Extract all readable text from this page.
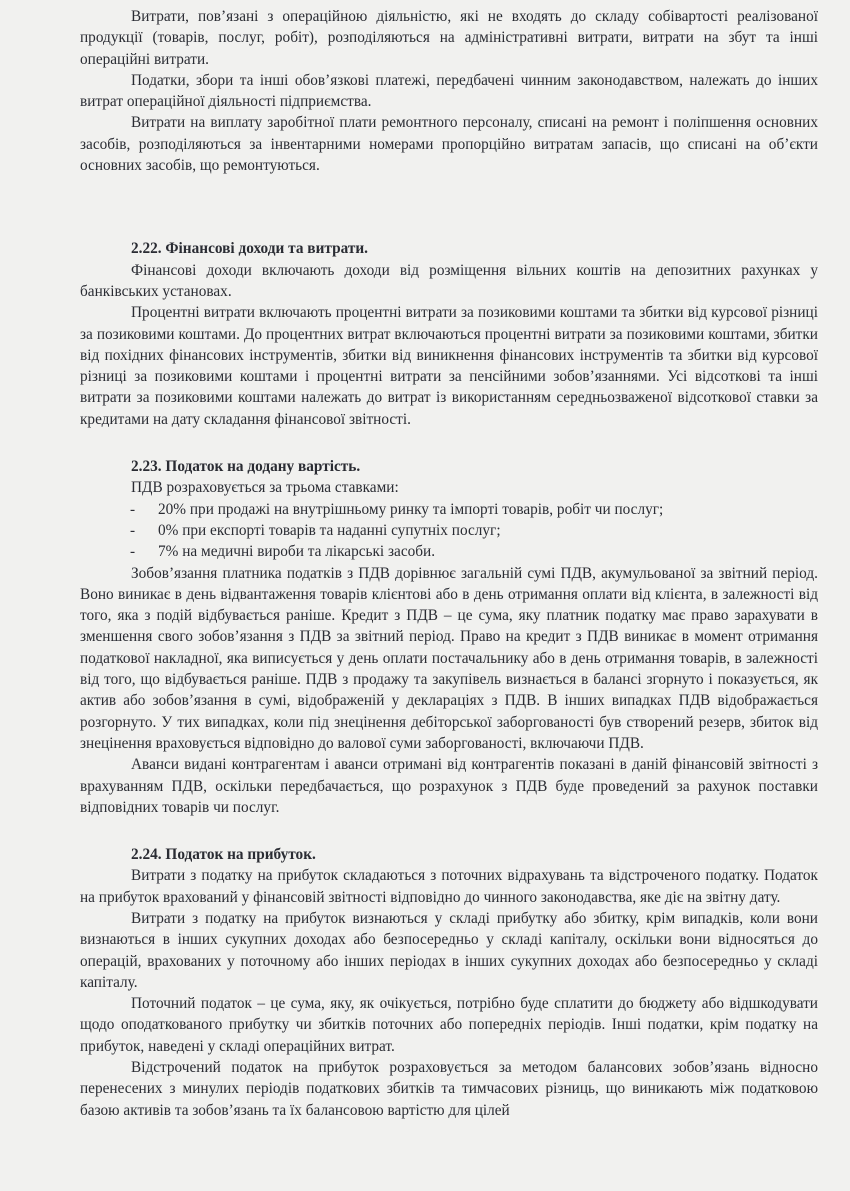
Витрати, пов’язані з операційною діяльністю, які не входять до складу собівартості реалізованої продукції (товарів, послуг, робіт), розподіляються на адміністративні витрати, витрати на збут та інші операційні витрати.

Податки, збори та інші обов’язкові платежі, передбачені чинним законодавством, належать до інших витрат операційної діяльності підприємства.

Витрати на виплату заробітної плати ремонтного персоналу, списані на ремонт і поліпшення основних засобів, розподіляються за інвентарними номерами пропорційно витратам запасів, що списані на об’єкти основних засобів, що ремонтуються.

2.22. Фінансові доходи та витрати.

Фінансові доходи включають доходи від розміщення вільних коштів на депозитних рахунках у банківських установах.

Процентні витрати включають процентні витрати за позиковими коштами та збитки від курсової різниці за позиковими коштами. До процентних витрат включаються процентні витрати за позиковими коштами, збитки від похідних фінансових інструментів, збитки від виникнення фінансових інструментів та збитки від курсової різниці за позиковими коштами і процентні витрати за пенсійними зобов’язаннями. Усі відсоткові та інші витрати за позиковими коштами належать до витрат із використанням середньозваженої відсоткової ставки за кредитами на дату складання фінансової звітності.

2.23. Податок на додану вартість.

ПДВ розраховується за трьома ставками:

- 20% при продажі на внутрішньому ринку та імпорті товарів, робіт чи послуг;
- 0% при експорті товарів та наданні супутніх послуг;
- 7% на медичні вироби та лікарські засоби.

Зобов’язання платника податків з ПДВ дорівнює загальній сумі ПДВ, акумульованої за звітний період. Воно виникає в день відвантаження товарів клієнтові або в день отримання оплати від клієнта, в залежності від того, яка з подій відбувається раніше. Кредит з ПДВ – це сума, яку платник податку має право зарахувати в зменшення свого зобов’язання з ПДВ за звітний період. Право на кредит з ПДВ виникає в момент отримання податкової накладної, яка виписується у день оплати постачальнику або в день отримання товарів, в залежності від того, що відбувається раніше. ПДВ з продажу та закупівель визнається в балансі згорнуто і показується, як актив або зобов’язання в сумі, відображеній у деклараціях з ПДВ. В інших випадках ПДВ відображається розгорнуто. У тих випадках, коли під знецінення дебіторської заборгованості був створений резерв, збиток від знецінення враховується відповідно до валової суми заборгованості, включаючи ПДВ.

Аванси видані контрагентам і аванси отримані від контрагентів показані в даній фінансовій звітності з врахуванням ПДВ, оскільки передбачається, що розрахунок з ПДВ буде проведений за рахунок поставки відповідних товарів чи послуг.

2.24. Податок на прибуток.

Витрати з податку на прибуток складаються з поточних відрахувань та відстроченого податку. Податок на прибуток врахований у фінансовій звітності відповідно до чинного законодавства, яке діє на звітну дату.

Витрати з податку на прибуток визнаються у складі прибутку або збитку, крім випадків, коли вони визнаються в інших сукупних доходах або безпосередньо у складі капіталу, оскільки вони відносяться до операцій, врахованих у поточному або інших періодах в інших сукупних доходах або безпосередньо у складі капіталу.

Поточний податок – це сума, яку, як очікується, потрібно буде сплатити до бюджету або відшкодувати щодо оподаткованого прибутку чи збитків поточних або попередніх періодів. Інші податки, крім податку на прибуток, наведені у складі операційних витрат.

Відстрочений податок на прибуток розраховується за методом балансових зобов’язань відносно перенесених з минулих періодів податкових збитків та тимчасових різниць, що виникають між податковою базою активів та зобов’язань та їх балансовою вартістю для цілей
